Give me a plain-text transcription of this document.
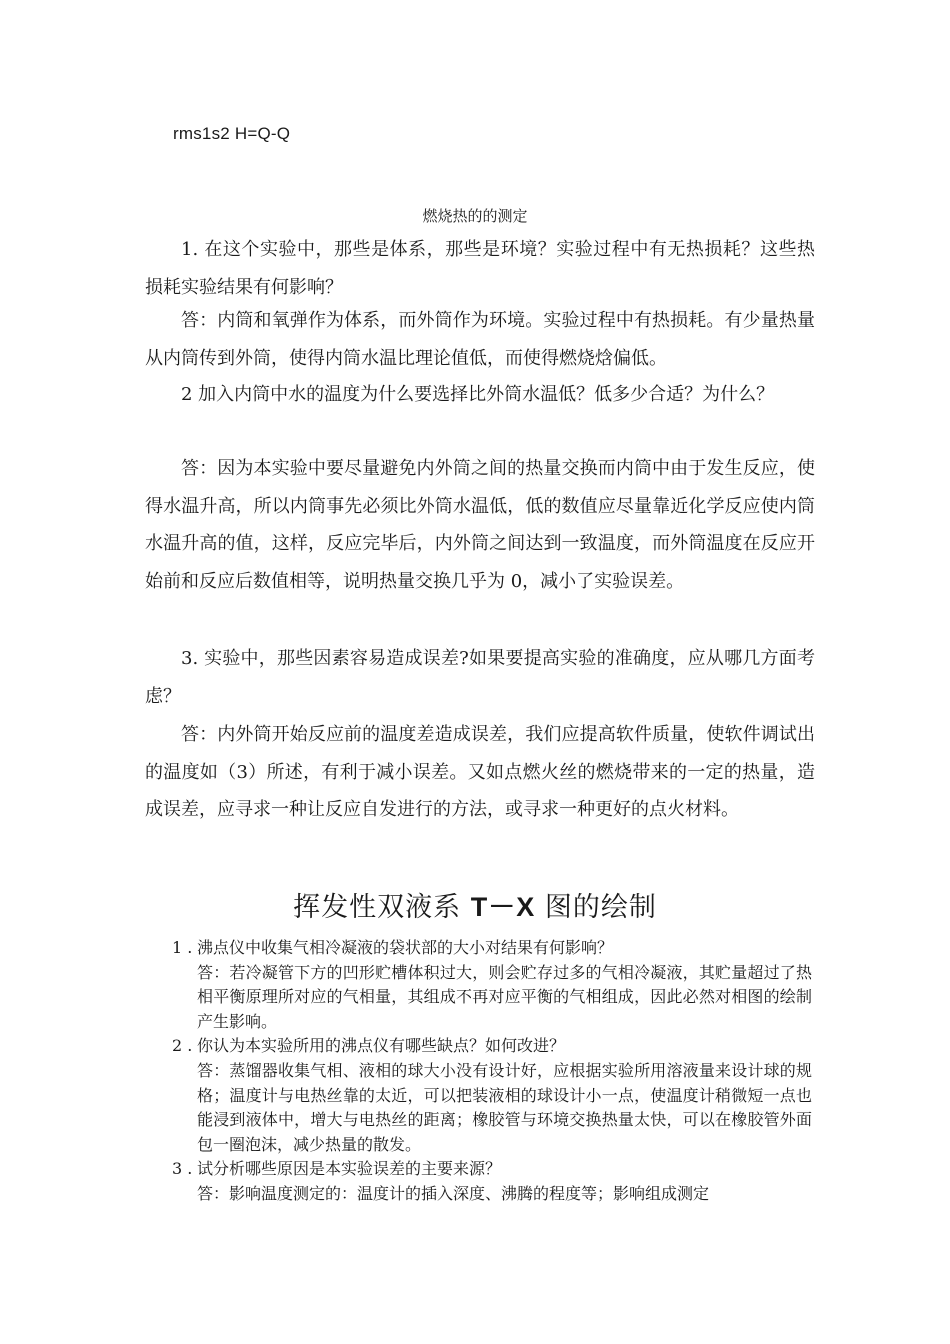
rms1s2 H=Q-Q
燃烧热的的测定
1. 在这个实验中，那些是体系，那些是环境？实验过程中有无热损耗？这些热损耗实验结果有何影响？
答：内筒和氧弹作为体系，而外筒作为环境。实验过程中有热损耗。有少量热量从内筒传到外筒，使得内筒水温比理论值低，而使得燃烧焓偏低。
2 加入内筒中水的温度为什么要选择比外筒水温低？低多少合适？为什么？
答：因为本实验中要尽量避免内外筒之间的热量交换而内筒中由于发生反应，使得水温升高，所以内筒事先必须比外筒水温低，低的数值应尽量靠近化学反应使内筒水温升高的值，这样，反应完毕后，内外筒之间达到一致温度，而外筒温度在反应开始前和反应后数值相等，说明热量交换几乎为 0，减小了实验误差。
3. 实验中，那些因素容易造成误差?如果要提高实验的准确度，应从哪几方面考虑？
答：内外筒开始反应前的温度差造成误差，我们应提高软件质量，使软件调试出的温度如（3）所述，有利于减小误差。又如点燃火丝的燃烧带来的一定的热量，造成误差，应寻求一种让反应自发进行的方法，或寻求一种更好的点火材料。
挥发性双液系 T－X 图的绘制
1 . 沸点仪中收集气相冷凝液的袋状部的大小对结果有何影响？
答：若冷凝管下方的凹形贮槽体积过大，则会贮存过多的气相冷凝液，其贮量超过了热相平衡原理所对应的气相量，其组成不再对应平衡的气相组成，因此必然对相图的绘制产生影响。
2 . 你认为本实验所用的沸点仪有哪些缺点？如何改进？
答：蒸馏器收集气相、液相的球大小没有设计好，应根据实验所用溶液量来设计球的规格；温度计与电热丝靠的太近，可以把装液相的球设计小一点，使温度计稍微短一点也能浸到液体中，增大与电热丝的距离；橡胶管与环境交换热量太快，可以在橡胶管外面包一圈泡沫，减少热量的散发。
3 . 试分析哪些原因是本实验误差的主要来源？
答：影响温度测定的：温度计的插入深度、沸腾的程度等；影响组成测定
